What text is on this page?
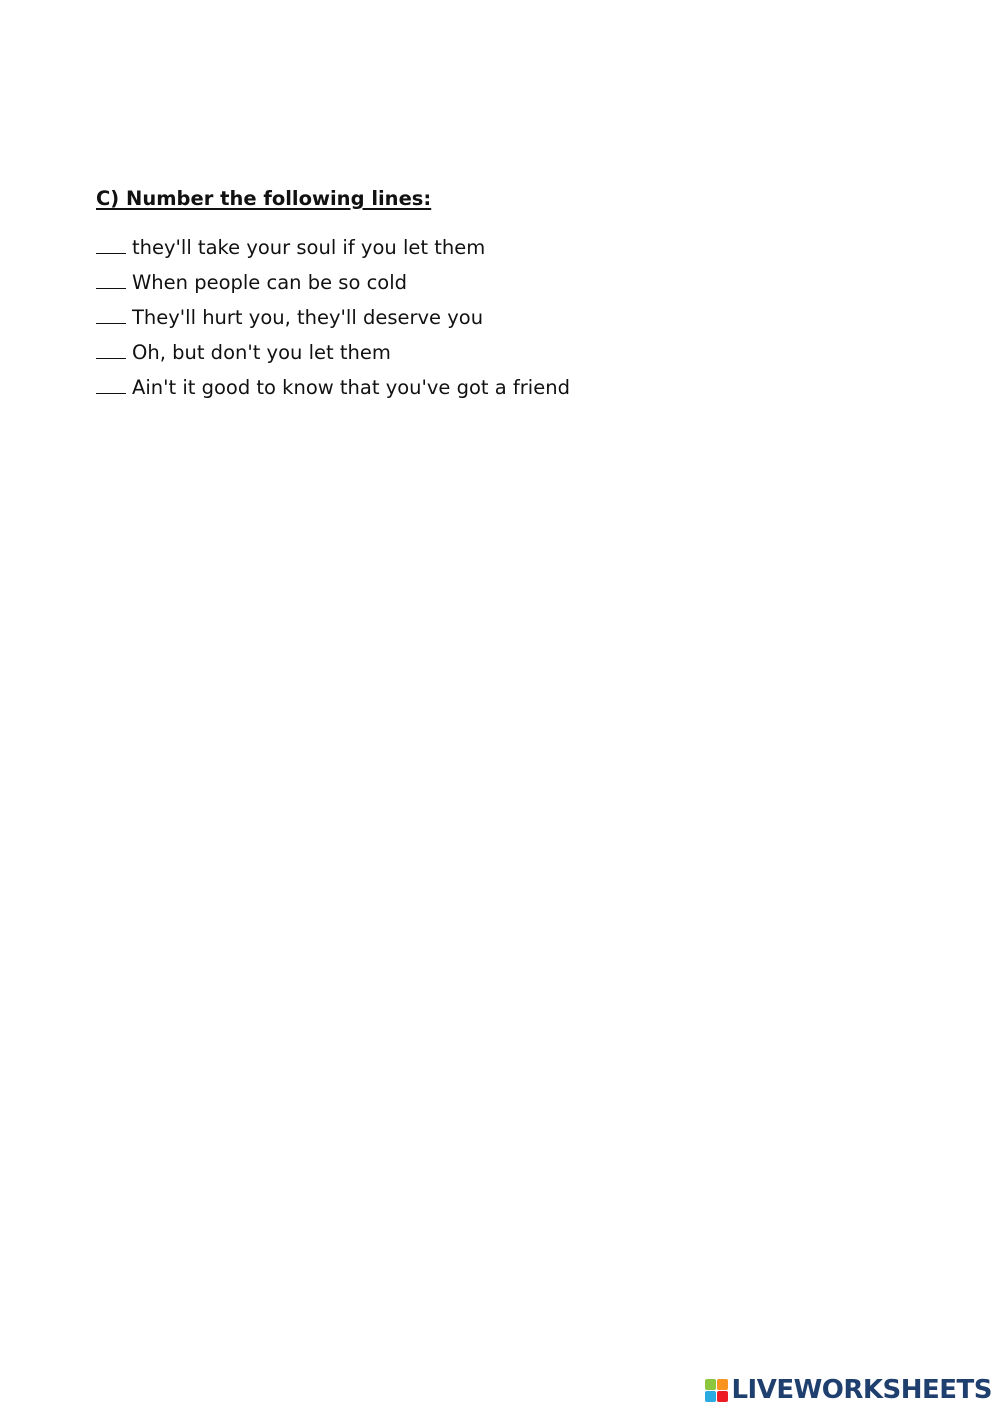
C) Number the following lines:
they'll take your soul if you let them
When people can be so cold
They'll hurt you, they'll deserve you
Oh, but don't you let them
Ain't it good to know that you've got a friend
LIVEWORKSHEETS
